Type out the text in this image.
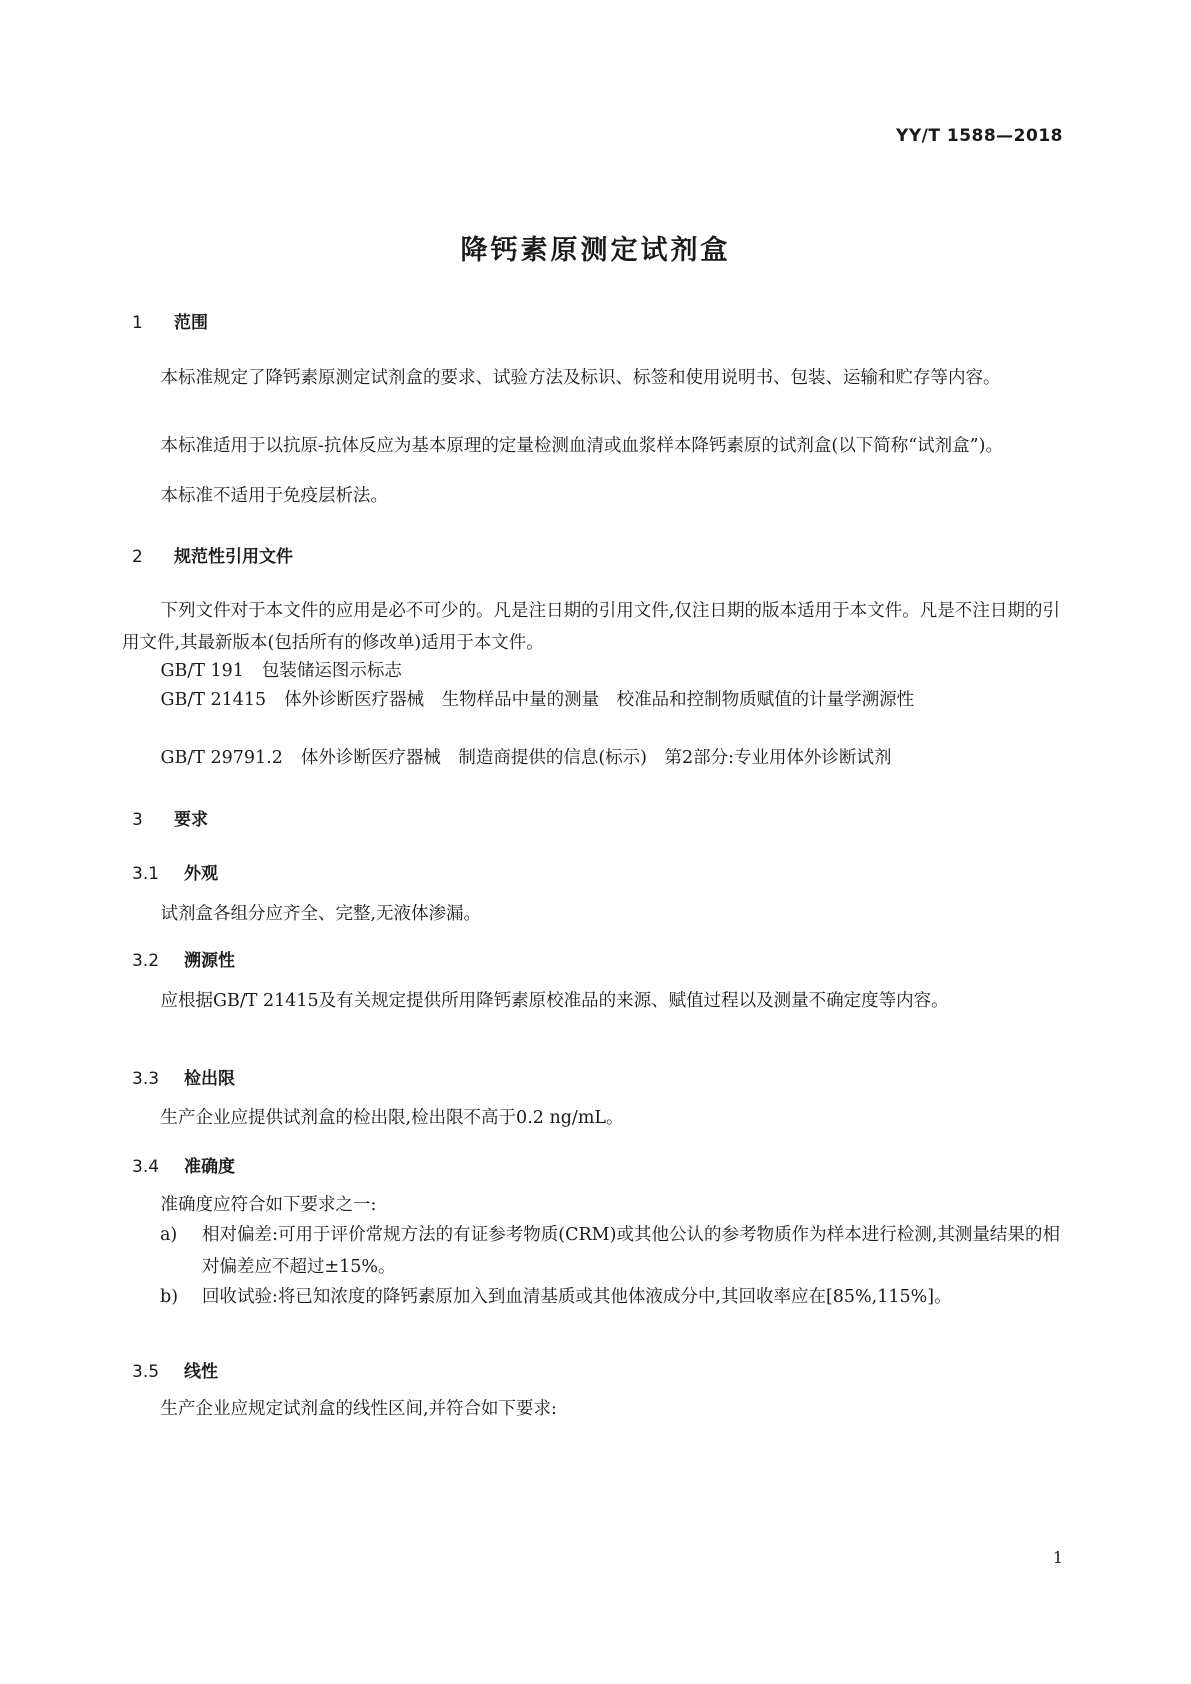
YY/T 1588—2018
降钙素原测定试剂盒
1 范围
本标准规定了降钙素原测定试剂盒的要求、试验方法及标识、标签和使用说明书、包装、运输和贮存等内容。
本标准适用于以抗原-抗体反应为基本原理的定量检测血清或血浆样本降钙素原的试剂盒(以下简称“试剂盒”)。
本标准不适用于免疫层析法。
2 规范性引用文件
下列文件对于本文件的应用是必不可少的。凡是注日期的引用文件,仅注日期的版本适用于本文件。凡是不注日期的引用文件,其最新版本(包括所有的修改单)适用于本文件。
GB/T 191 包装储运图示标志
GB/T 21415 体外诊断医疗器械　生物样品中量的测量　校准品和控制物质赋值的计量学溯源性
GB/T 29791.2 体外诊断医疗器械　制造商提供的信息(标示)　第2部分:专业用体外诊断试剂
3 要求
3.1 外观
试剂盒各组分应齐全、完整,无液体渗漏。
3.2 溯源性
应根据GB/T 21415及有关规定提供所用降钙素原校准品的来源、赋值过程以及测量不确定度等内容。
3.3 检出限
生产企业应提供试剂盒的检出限,检出限不高于0.2 ng/mL。
3.4 准确度
准确度应符合如下要求之一:
a) 相对偏差:可用于评价常规方法的有证参考物质(CRM)或其他公认的参考物质作为样本进行检测,其测量结果的相对偏差应不超过±15%。
b) 回收试验:将已知浓度的降钙素原加入到血清基质或其他体液成分中,其回收率应在[85%,115%]。
3.5 线性
生产企业应规定试剂盒的线性区间,并符合如下要求:
1
